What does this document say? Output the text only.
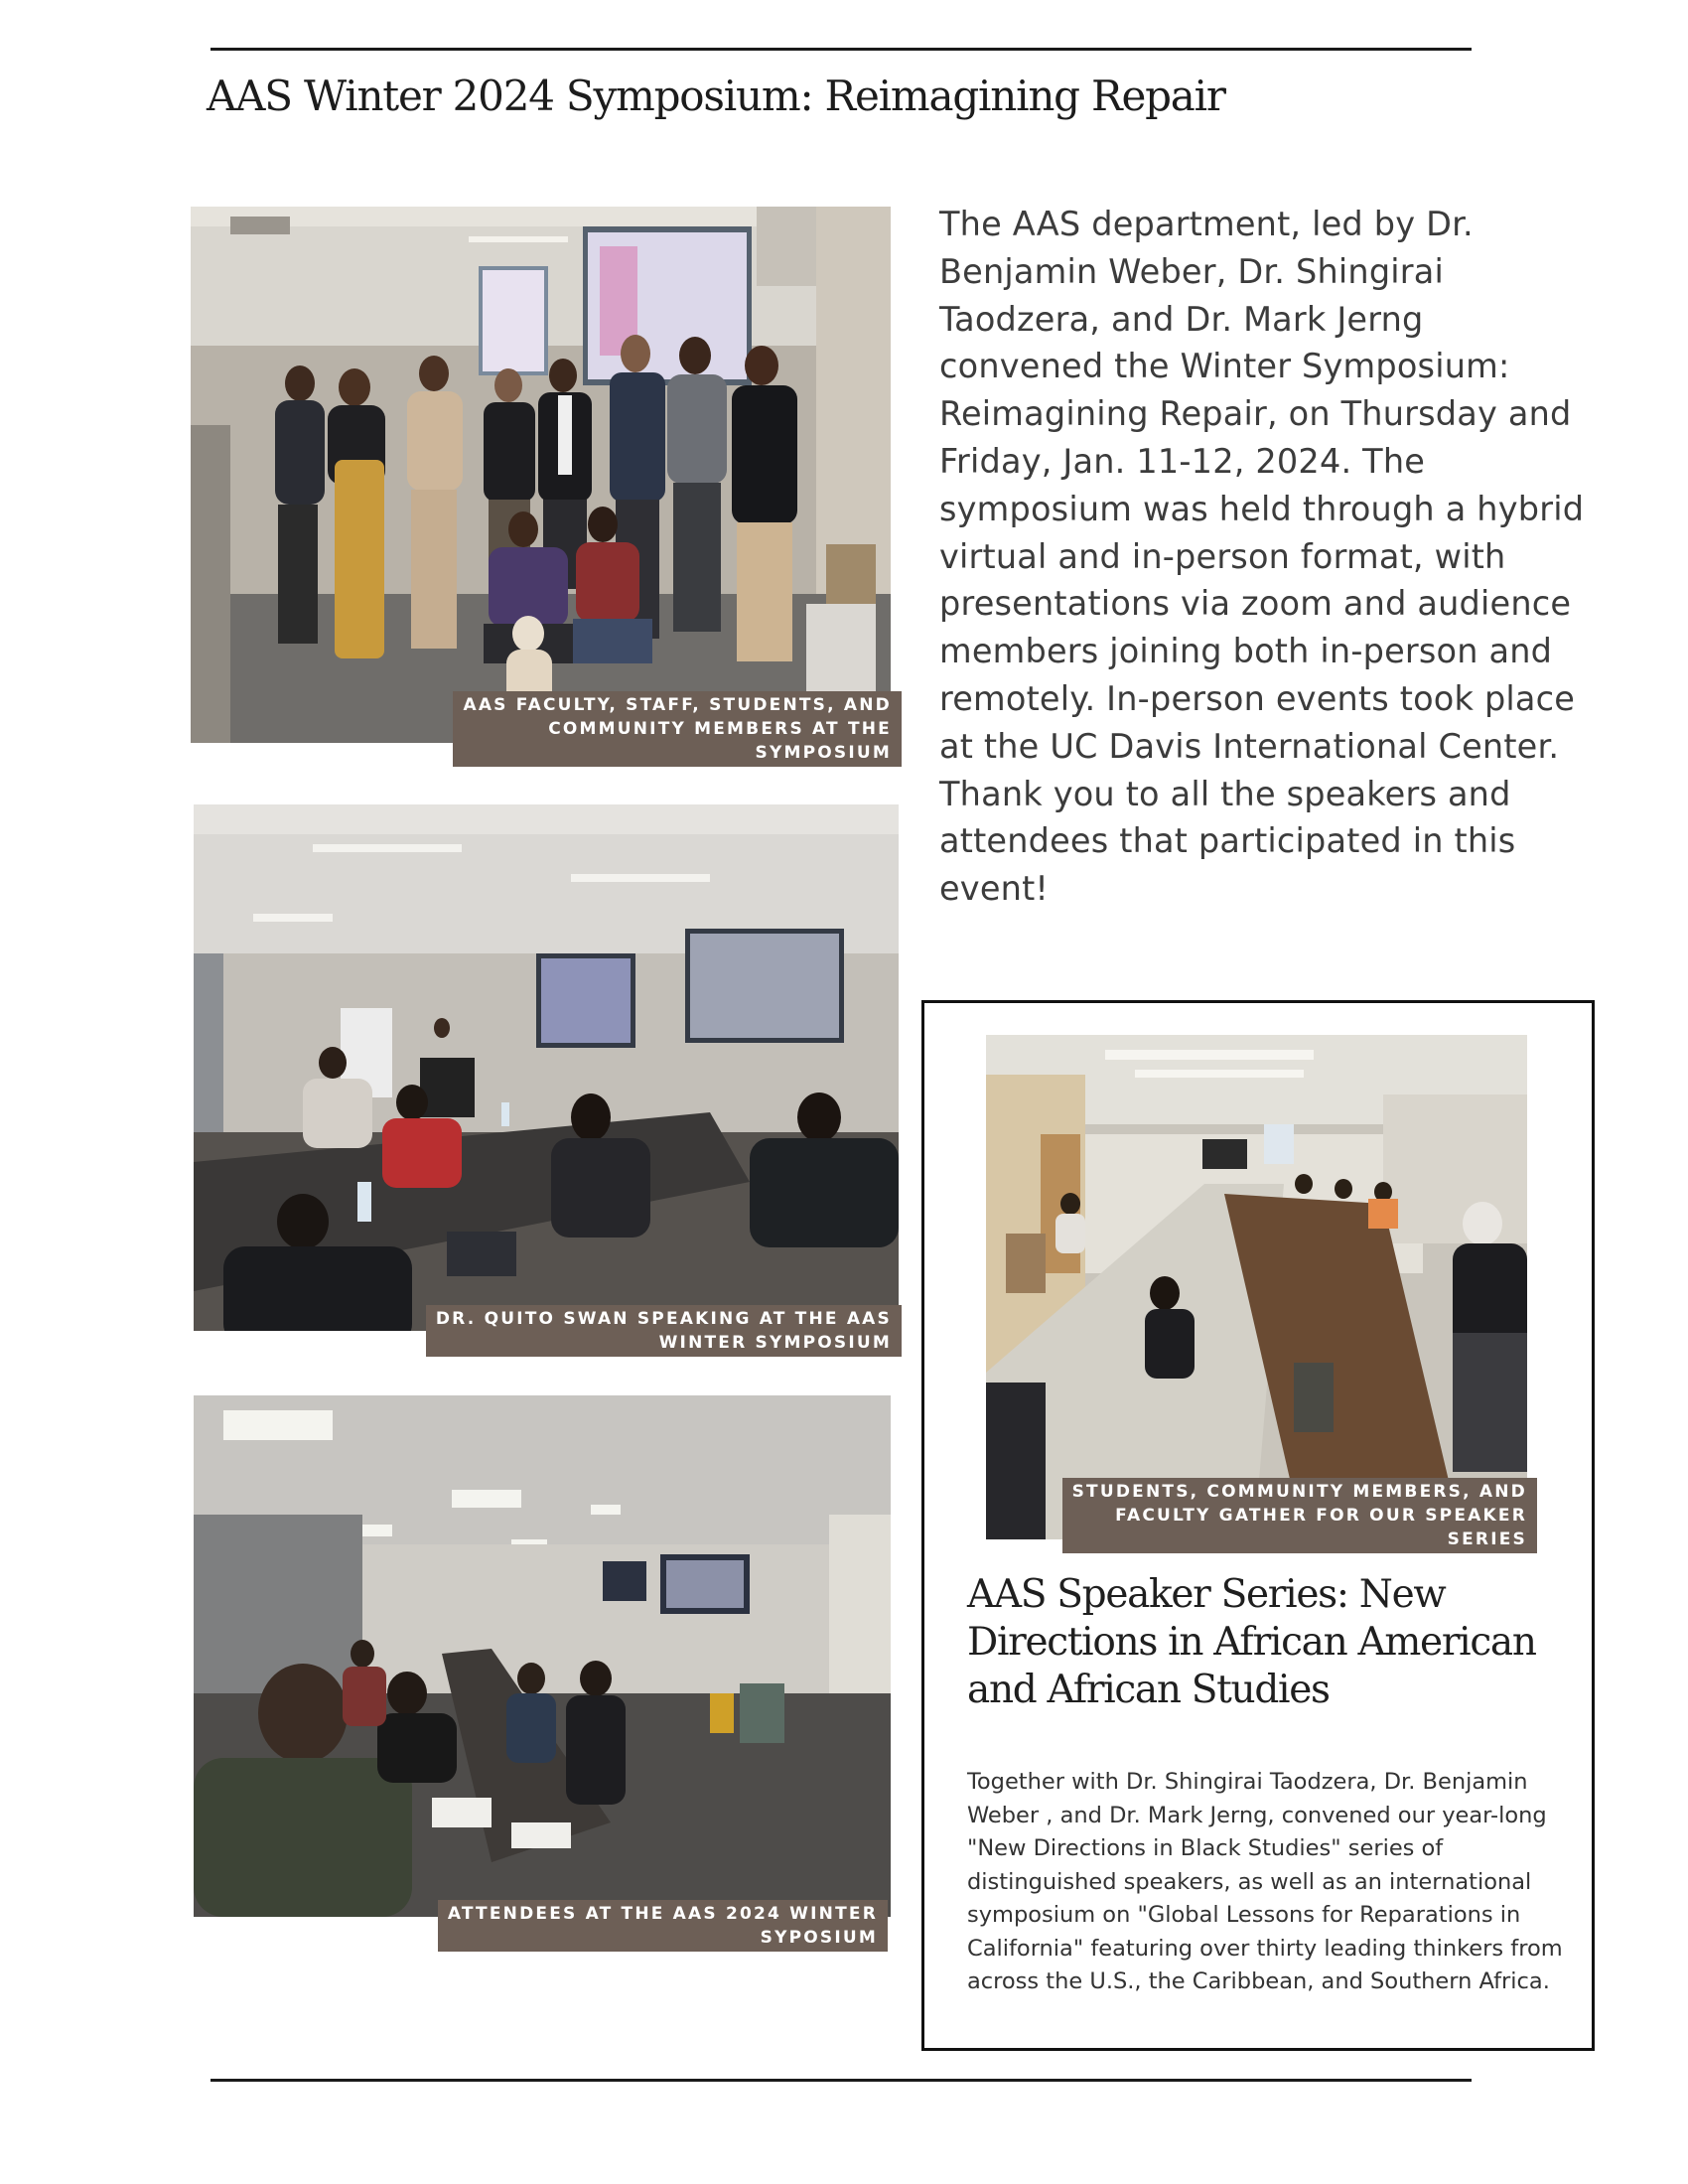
AAS Winter 2024 Symposium: Reimagining Repair
AAS FACULTY, STAFF, STUDENTS, AND
COMMUNITY MEMBERS AT THE
SYMPOSIUM
DR. QUITO SWAN SPEAKING AT THE AAS
WINTER SYMPOSIUM
ATTENDEES AT THE AAS 2024 WINTER
SYPOSIUM

The AAS department, led by Dr. Benjamin Weber, Dr. Shingirai Taodzera, and Dr. Mark Jerng convened the Winter Symposium: Reimagining Repair, on Thursday and Friday, Jan. 11-12, 2024. The symposium was held through a hybrid virtual and in-person format, with presentations via zoom and audience members joining both in-person and remotely. In-person events took place at the UC Davis International Center. Thank you to all the speakers and attendees that participated in this event!

STUDENTS, COMMUNITY MEMBERS, AND
FACULTY GATHER FOR OUR SPEAKER
SERIES
AAS Speaker Series: New Directions in African American and African Studies

Together with Dr. Shingirai Taodzera, Dr. Benjamin Weber , and Dr. Mark Jerng, convened our year-long "New Directions in Black Studies" series of distinguished speakers, as well as an international symposium on "Global Lessons for Reparations in California" featuring over thirty leading thinkers from across the U.S., the Caribbean, and Southern Africa.
